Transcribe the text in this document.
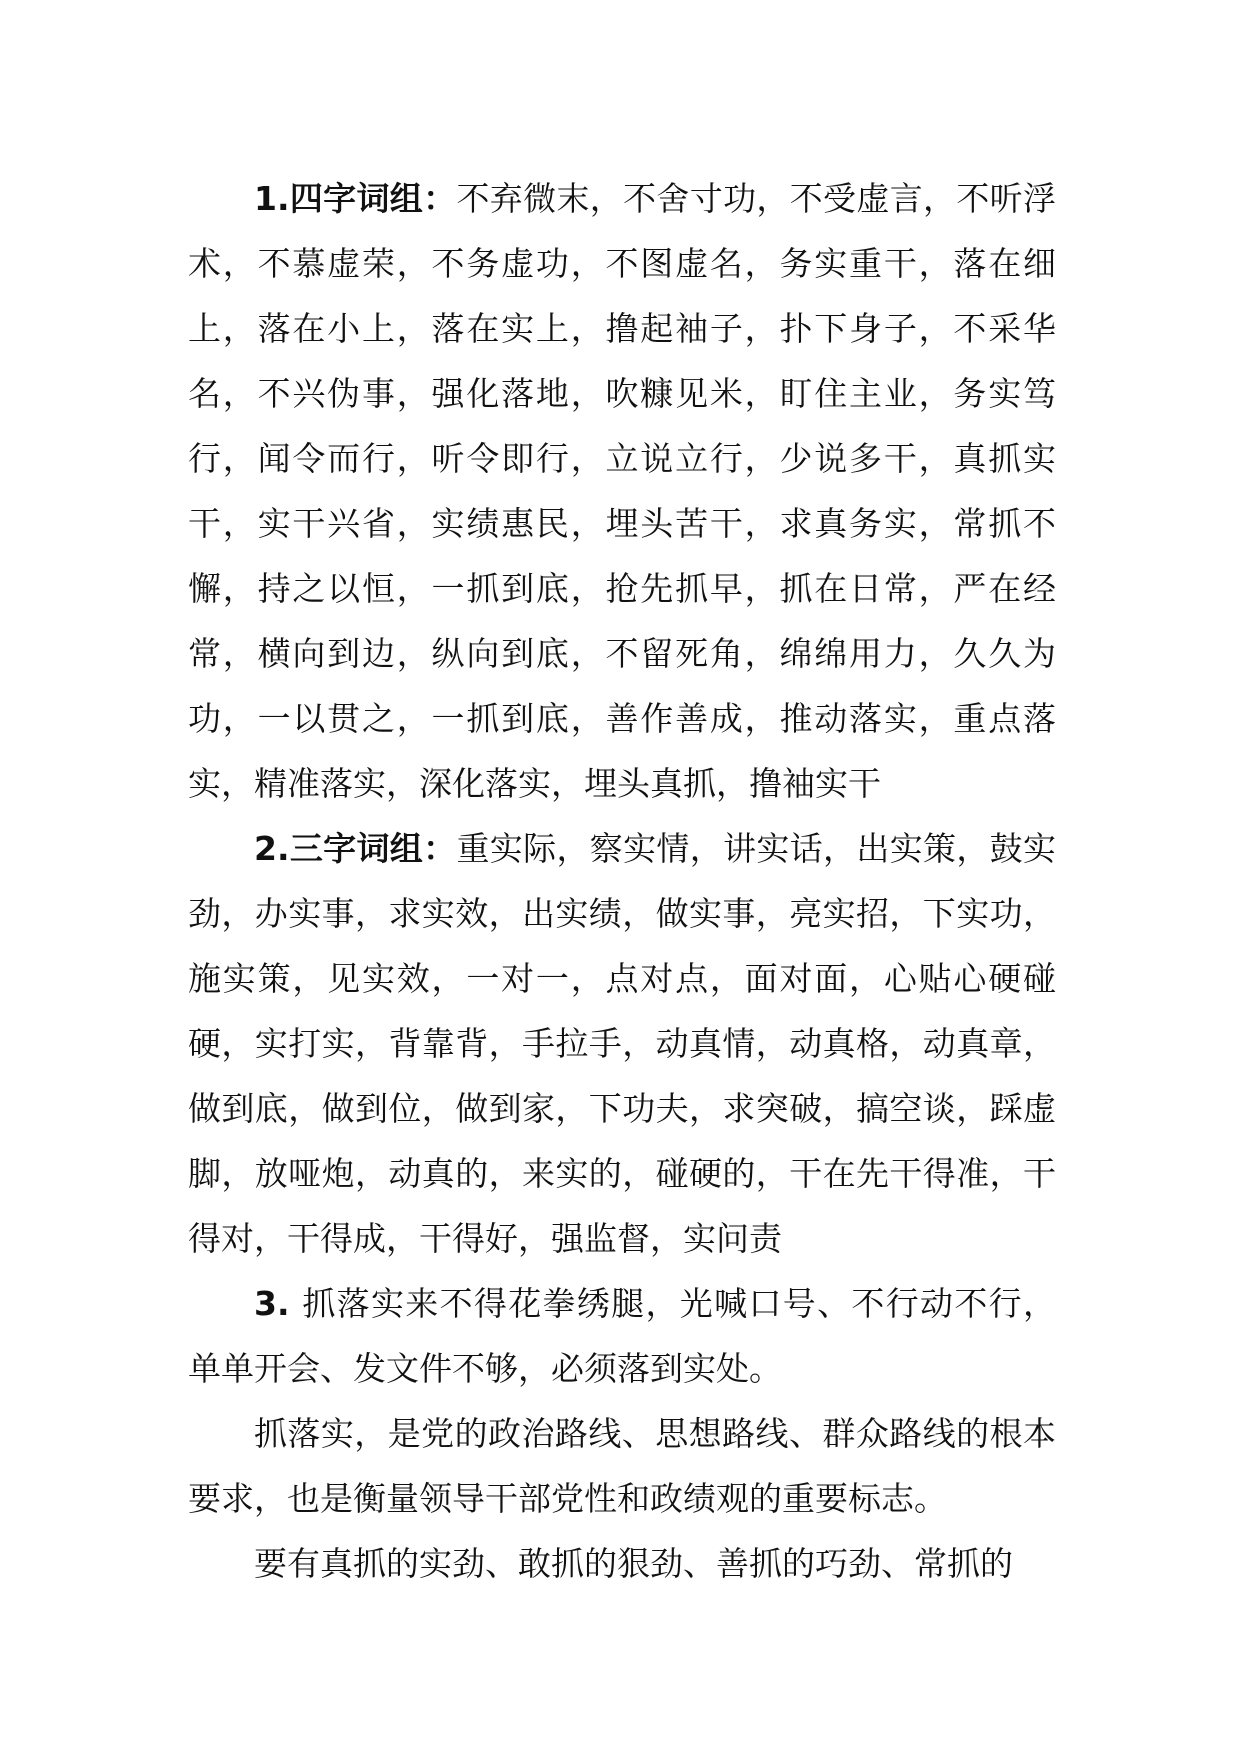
1.四字词组：不弃微末，不舍寸功，不受虚言，不听浮术，不慕虚荣，不务虚功，不图虚名，务实重干，落在细上，落在小上，落在实上，撸起袖子，扑下身子，不采华名，不兴伪事，强化落地，吹糠见米，盯住主业，务实笃行，闻令而行，听令即行，立说立行，少说多干，真抓实干，实干兴省，实绩惠民，埋头苦干，求真务实，常抓不懈，持之以恒，一抓到底，抢先抓早，抓在日常，严在经常，横向到边，纵向到底，不留死角，绵绵用力，久久为功，一以贯之，一抓到底，善作善成，推动落实，重点落实，精准落实，深化落实，埋头真抓，撸袖实干

2.三字词组：重实际，察实情，讲实话，出实策，鼓实劲，办实事，求实效，出实绩，做实事，亮实招，下实功，施实策，见实效，一对一，点对点，面对面，心贴心硬碰硬，实打实，背靠背，手拉手，动真情，动真格，动真章，做到底，做到位，做到家，下功夫，求突破，搞空谈，踩虚脚，放哑炮，动真的，来实的，碰硬的，干在先干得准，干得对，干得成，干得好，强监督，实问责

3. 抓落实来不得花拳绣腿，光喊口号、不行动不行，单单开会、发文件不够，必须落到实处。

抓落实，是党的政治路线、思想路线、群众路线的根本要求，也是衡量领导干部党性和政绩观的重要标志。

要有真抓的实劲、敢抓的狠劲、善抓的巧劲、常抓的
